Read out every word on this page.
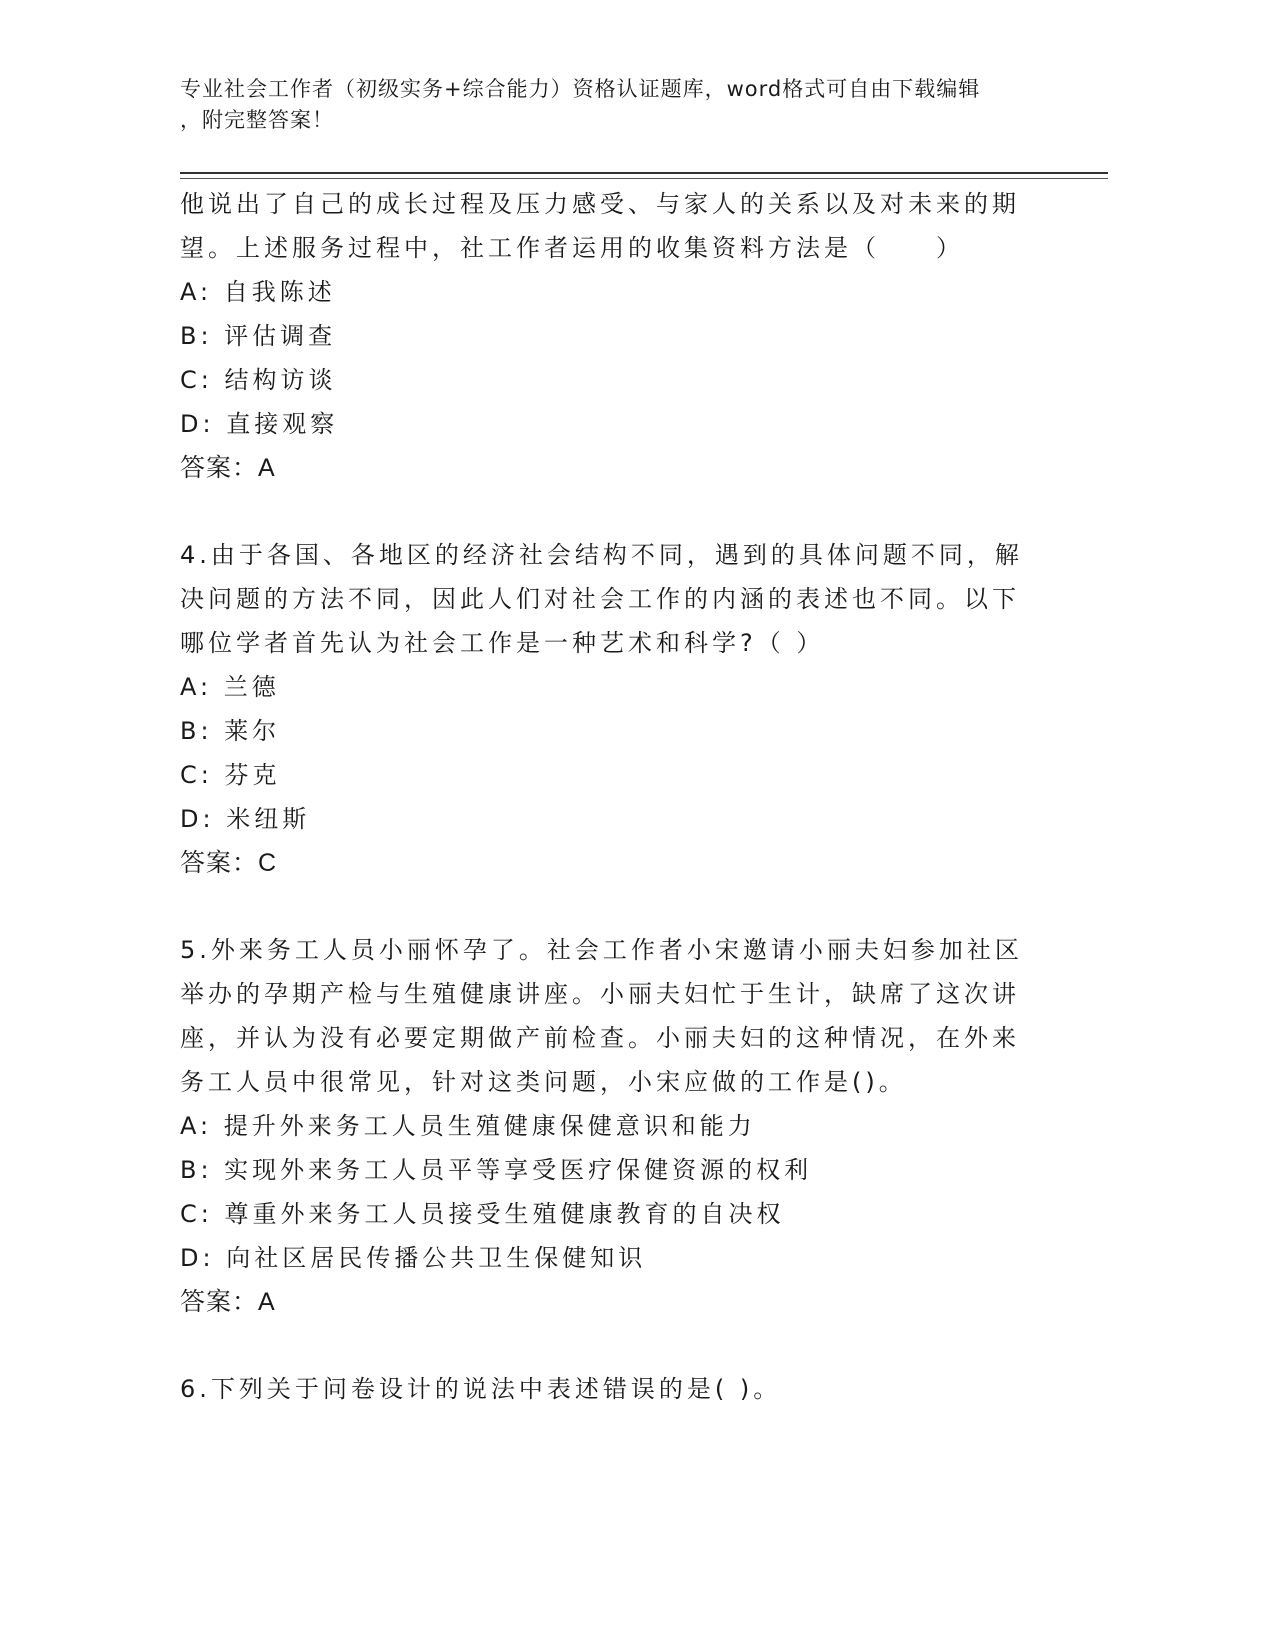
专业社会工作者（初级实务+综合能力）资格认证题库，word格式可自由下载编辑
，附完整答案！
他说出了自己的成长过程及压力感受、与家人的关系以及对未来的期
望。上述服务过程中，社工作者运用的收集资料方法是（　　）
A: 自我陈述
B: 评估调查
C: 结构访谈
D: 直接观察
答案：A
4.由于各国、各地区的经济社会结构不同，遇到的具体问题不同，解
决问题的方法不同，因此人们对社会工作的内涵的表述也不同。以下
哪位学者首先认为社会工作是一种艺术和科学?（ ）
A: 兰德
B: 莱尔
C: 芬克
D: 米纽斯
答案：C
5.外来务工人员小丽怀孕了。社会工作者小宋邀请小丽夫妇参加社区
举办的孕期产检与生殖健康讲座。小丽夫妇忙于生计，缺席了这次讲
座，并认为没有必要定期做产前检查。小丽夫妇的这种情况，在外来
务工人员中很常见，针对这类问题，小宋应做的工作是()。
A: 提升外来务工人员生殖健康保健意识和能力
B: 实现外来务工人员平等享受医疗保健资源的权利
C: 尊重外来务工人员接受生殖健康教育的自决权
D: 向社区居民传播公共卫生保健知识
答案：A
6.下列关于问卷设计的说法中表述错误的是( )。
